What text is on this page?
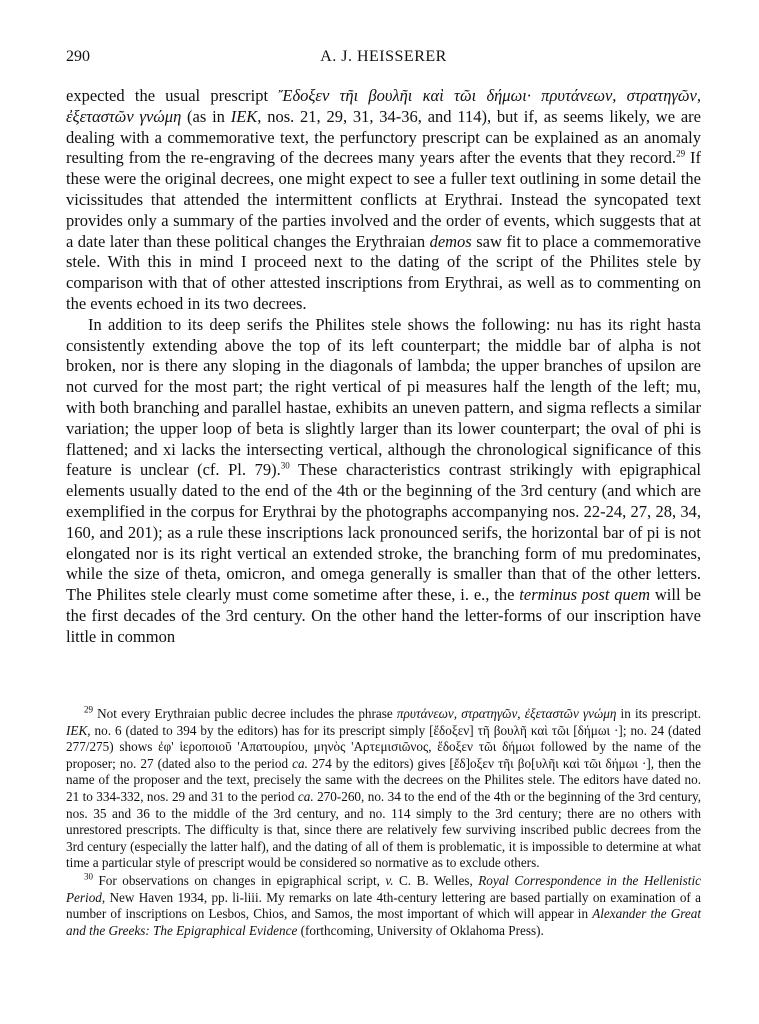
290	A. J. HEISSERER

expected the usual prescript Ἔδοξεν τῆι βουλῆι καὶ τῶι δήμωι· πρυτάνεων, στρατηγῶν, ἐξεταστῶν γνώμη (as in IEK, nos. 21, 29, 31, 34-36, and 114), but if, as seems likely, we are dealing with a commemorative text, the perfunctory prescript can be explained as an anomaly resulting from the re-engraving of the decrees many years after the events that they record.$^{29}$ If these were the original decrees, one might expect to see a fuller text outlining in some detail the vicissitudes that attended the intermittent conflicts at Erythrai. Instead the syncopated text provides only a summary of the parties involved and the order of events, which suggests that at a date later than these political changes the Erythraian demos saw fit to place a commemorative stele. With this in mind I proceed next to the dating of the script of the Philites stele by comparison with that of other attested inscriptions from Erythrai, as well as to commenting on the events echoed in its two decrees.

In addition to its deep serifs the Philites stele shows the following: nu has its right hasta consistently extending above the top of its left counterpart; the middle bar of alpha is not broken, nor is there any sloping in the diagonals of lambda; the upper branches of upsilon are not curved for the most part; the right vertical of pi measures half the length of the left; mu, with both branching and parallel hastae, exhibits an uneven pattern, and sigma reflects a similar variation; the upper loop of beta is slightly larger than its lower counterpart; the oval of phi is flattened; and xi lacks the intersecting vertical, although the chronological significance of this feature is unclear (cf. Pl. 79).$^{30}$ These characteristics contrast strikingly with epigraphical elements usually dated to the end of the 4th or the beginning of the 3rd century (and which are exemplified in the corpus for Erythrai by the photographs accompanying nos. 22-24, 27, 28, 34, 160, and 201); as a rule these inscriptions lack pronounced serifs, the horizontal bar of pi is not elongated nor is its right vertical an extended stroke, the branching form of mu predominates, while the size of theta, omicron, and omega generally is smaller than that of the other letters. The Philites stele clearly must come sometime after these, i. e., the terminus post quem will be the first decades of the 3rd century. On the other hand the letter-forms of our inscription have little in common

$^{29}$ Not every Erythraian public decree includes the phrase πρυτάνεων, στρατηγῶν, ἐξεταστῶν γνώμη in its prescript. IEK, no. 6 (dated to 394 by the editors) has for its prescript simply [ἔδοξεν] τῆ βουλῆ καὶ τῶι [δήμωι ·]; no. 24 (dated 277/275) shows ἐφ' ἱεροποιοῦ 'Απατουρίου, μηνὸς 'Αρτεμισιῶνος, ἔδοξεν τῶι δήμωι followed by the name of the proposer; no. 27 (dated also to the period ca. 274 by the editors) gives [ἔδ]οξεν τῆι βο[υλῆι καὶ τῶι δήμωι ·], then the name of the proposer and the text, precisely the same with the decrees on the Philites stele. The editors have dated no. 21 to 334-332, nos. 29 and 31 to the period ca. 270-260, no. 34 to the end of the 4th or the beginning of the 3rd century, nos. 35 and 36 to the middle of the 3rd century, and no. 114 simply to the 3rd century; there are no others with unrestored prescripts. The difficulty is that, since there are relatively few surviving inscribed public decrees from the 3rd century (especially the latter half), and the dating of all of them is problematic, it is impossible to determine at what time a particular style of prescript would be considered so normative as to exclude others.

$^{30}$ For observations on changes in epigraphical script, v. C. B. Welles, Royal Correspondence in the Hellenistic Period, New Haven 1934, pp. li-liii. My remarks on late 4th-century lettering are based partially on examination of a number of inscriptions on Lesbos, Chios, and Samos, the most important of which will appear in Alexander the Great and the Greeks: The Epigraphical Evidence (forthcoming, University of Oklahoma Press).
